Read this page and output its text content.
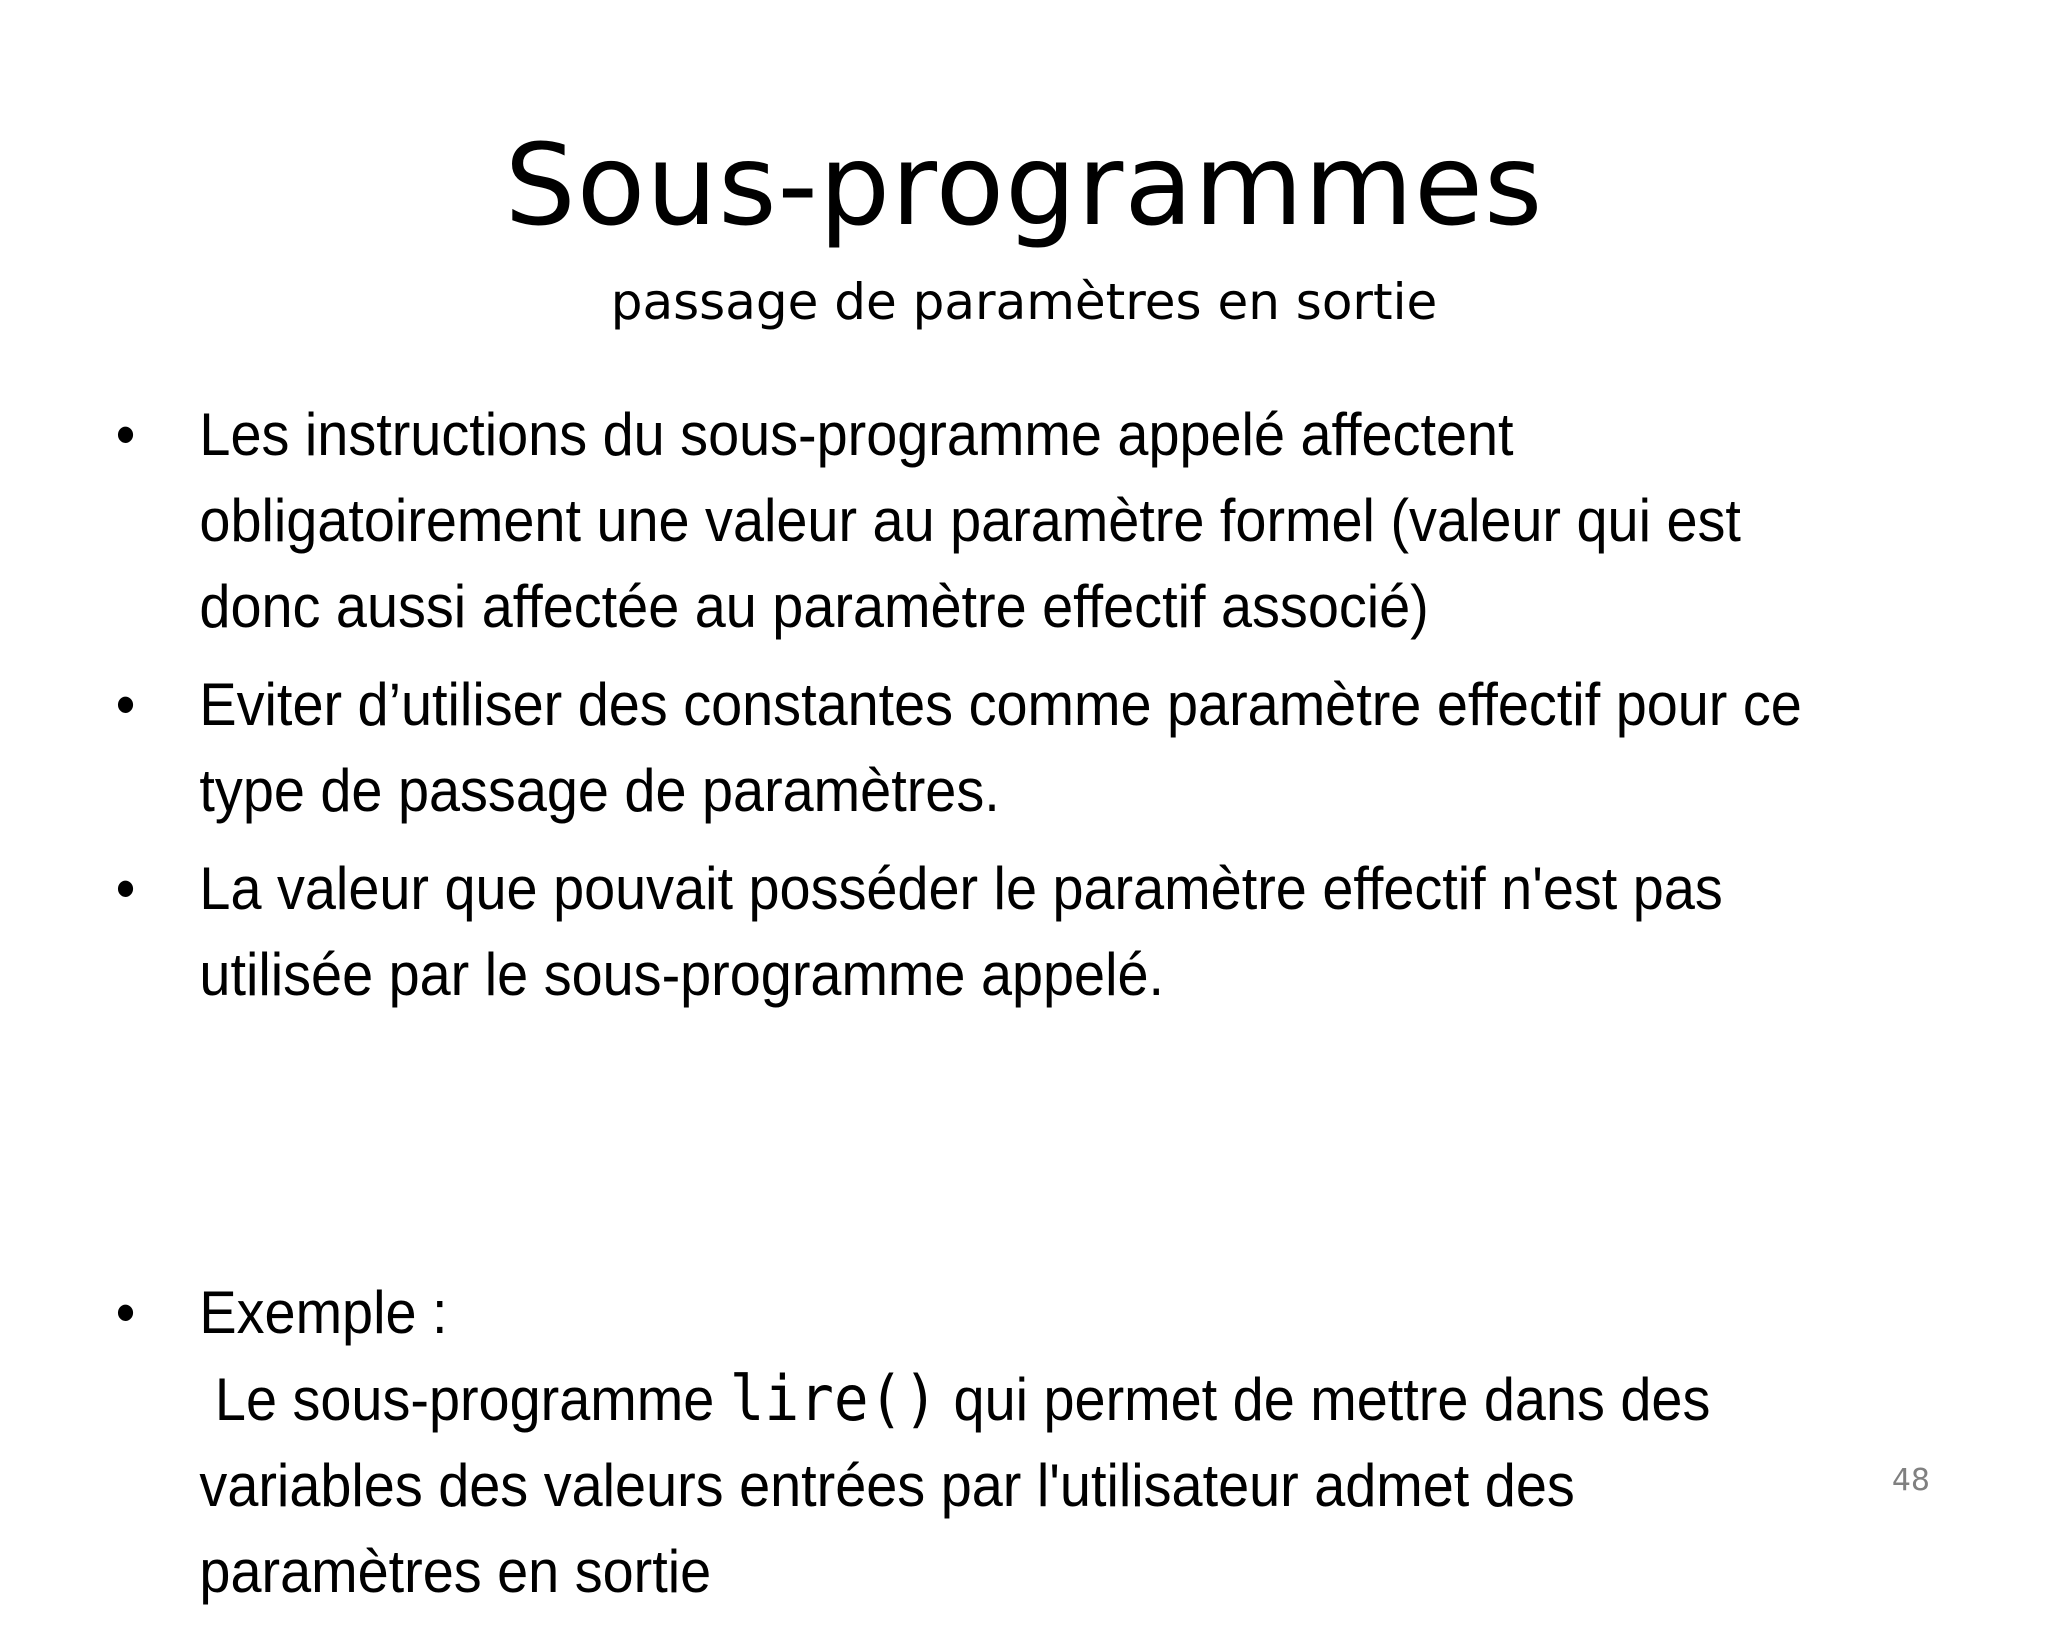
Sous-programmes
passage de paramètres en sortie
• Les instructions du sous-programme appelé affectent obligatoirement une valeur au paramètre formel (valeur qui est donc aussi affectée au paramètre effectif associé)
• Eviter d’utiliser des constantes comme paramètre effectif pour ce type de passage de paramètres.
• La valeur que pouvait posséder le paramètre effectif n'est pas utilisée par le sous-programme appelé.
• Exemple :
Le sous-programme lire() qui permet de mettre dans des variables des valeurs entrées par l'utilisateur admet des paramètres en sortie
48
